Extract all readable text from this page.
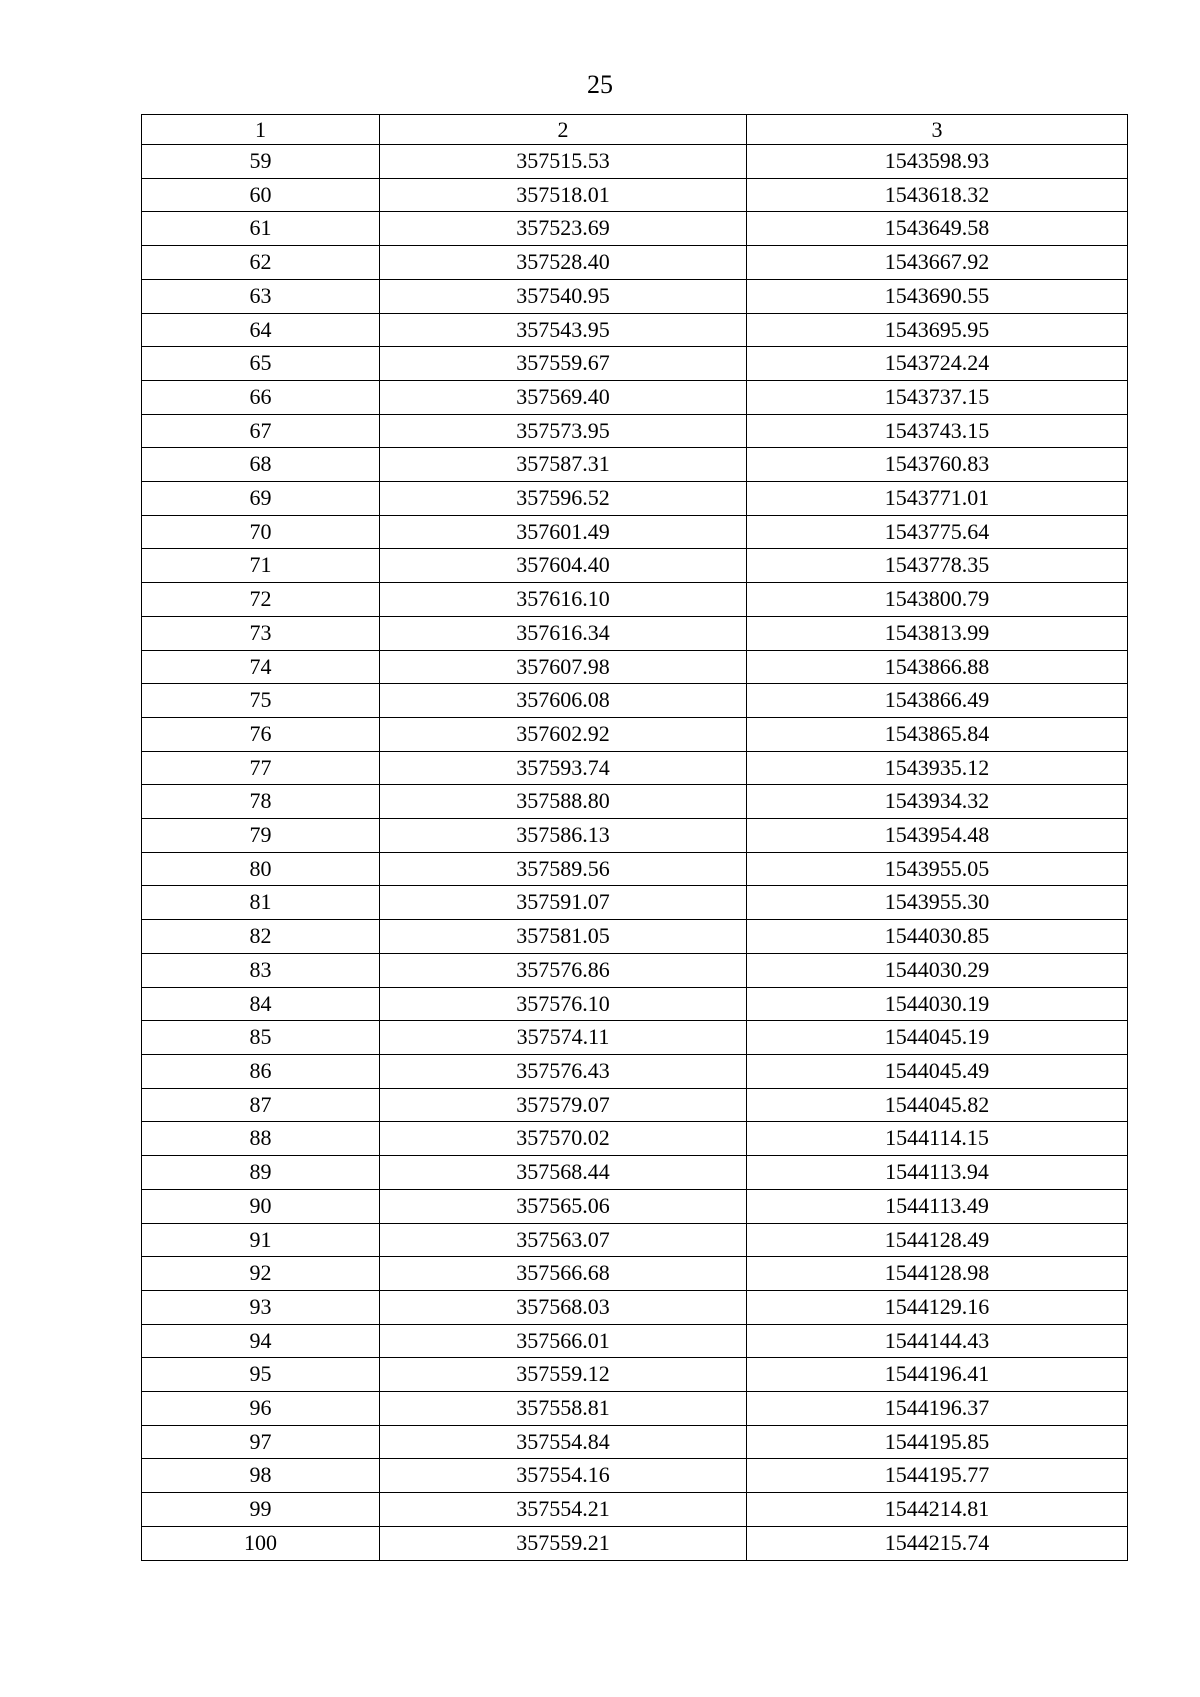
25
1	2	3
59	357515.53	1543598.93
60	357518.01	1543618.32
61	357523.69	1543649.58
62	357528.40	1543667.92
63	357540.95	1543690.55
64	357543.95	1543695.95
65	357559.67	1543724.24
66	357569.40	1543737.15
67	357573.95	1543743.15
68	357587.31	1543760.83
69	357596.52	1543771.01
70	357601.49	1543775.64
71	357604.40	1543778.35
72	357616.10	1543800.79
73	357616.34	1543813.99
74	357607.98	1543866.88
75	357606.08	1543866.49
76	357602.92	1543865.84
77	357593.74	1543935.12
78	357588.80	1543934.32
79	357586.13	1543954.48
80	357589.56	1543955.05
81	357591.07	1543955.30
82	357581.05	1544030.85
83	357576.86	1544030.29
84	357576.10	1544030.19
85	357574.11	1544045.19
86	357576.43	1544045.49
87	357579.07	1544045.82
88	357570.02	1544114.15
89	357568.44	1544113.94
90	357565.06	1544113.49
91	357563.07	1544128.49
92	357566.68	1544128.98
93	357568.03	1544129.16
94	357566.01	1544144.43
95	357559.12	1544196.41
96	357558.81	1544196.37
97	357554.84	1544195.85
98	357554.16	1544195.77
99	357554.21	1544214.81
100	357559.21	1544215.74
